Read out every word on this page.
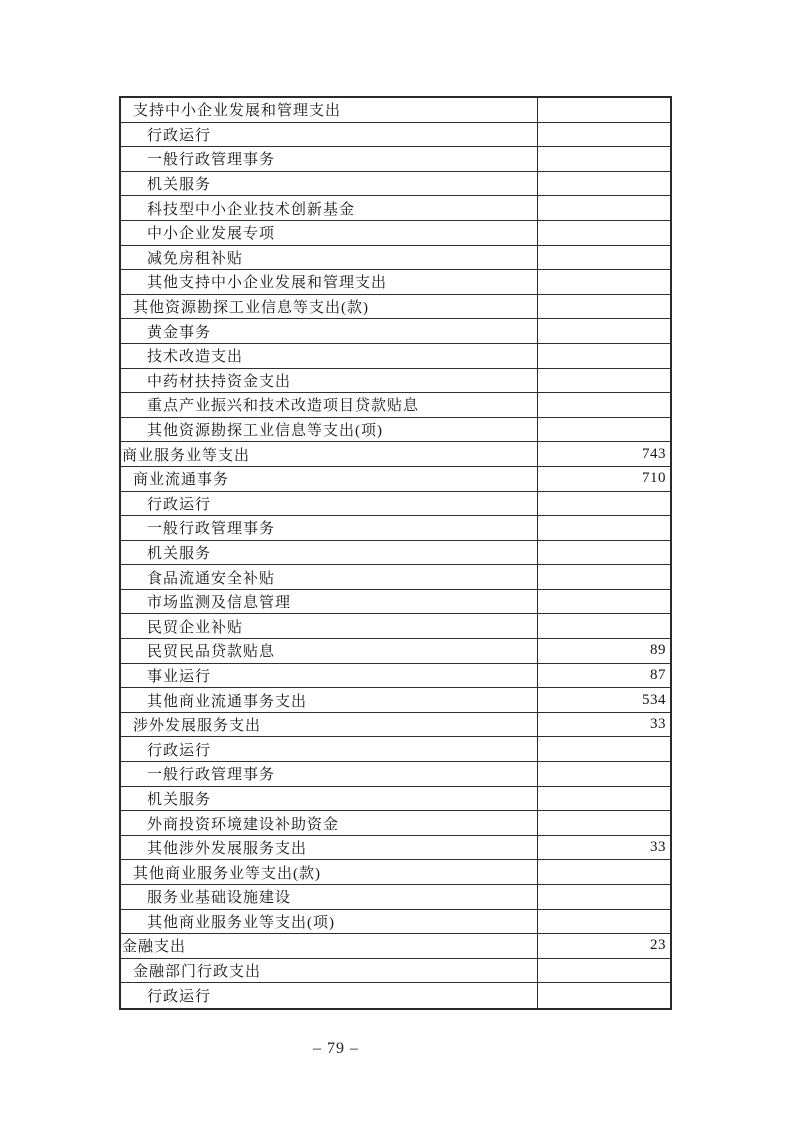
支持中小企业发展和管理支出
行政运行
一般行政管理事务
机关服务
科技型中小企业技术创新基金
中小企业发展专项
减免房租补贴
其他支持中小企业发展和管理支出
其他资源勘探工业信息等支出(款)
黄金事务
技术改造支出
中药材扶持资金支出
重点产业振兴和技术改造项目贷款贴息
其他资源勘探工业信息等支出(项)
商业服务业等支出	743
商业流通事务	710
行政运行
一般行政管理事务
机关服务
食品流通安全补贴
市场监测及信息管理
民贸企业补贴
民贸民品贷款贴息	89
事业运行	87
其他商业流通事务支出	534
涉外发展服务支出	33
行政运行
一般行政管理事务
机关服务
外商投资环境建设补助资金
其他涉外发展服务支出	33
其他商业服务业等支出(款)
服务业基础设施建设
其他商业服务业等支出(项)
金融支出	23
金融部门行政支出
行政运行
– 79 –
